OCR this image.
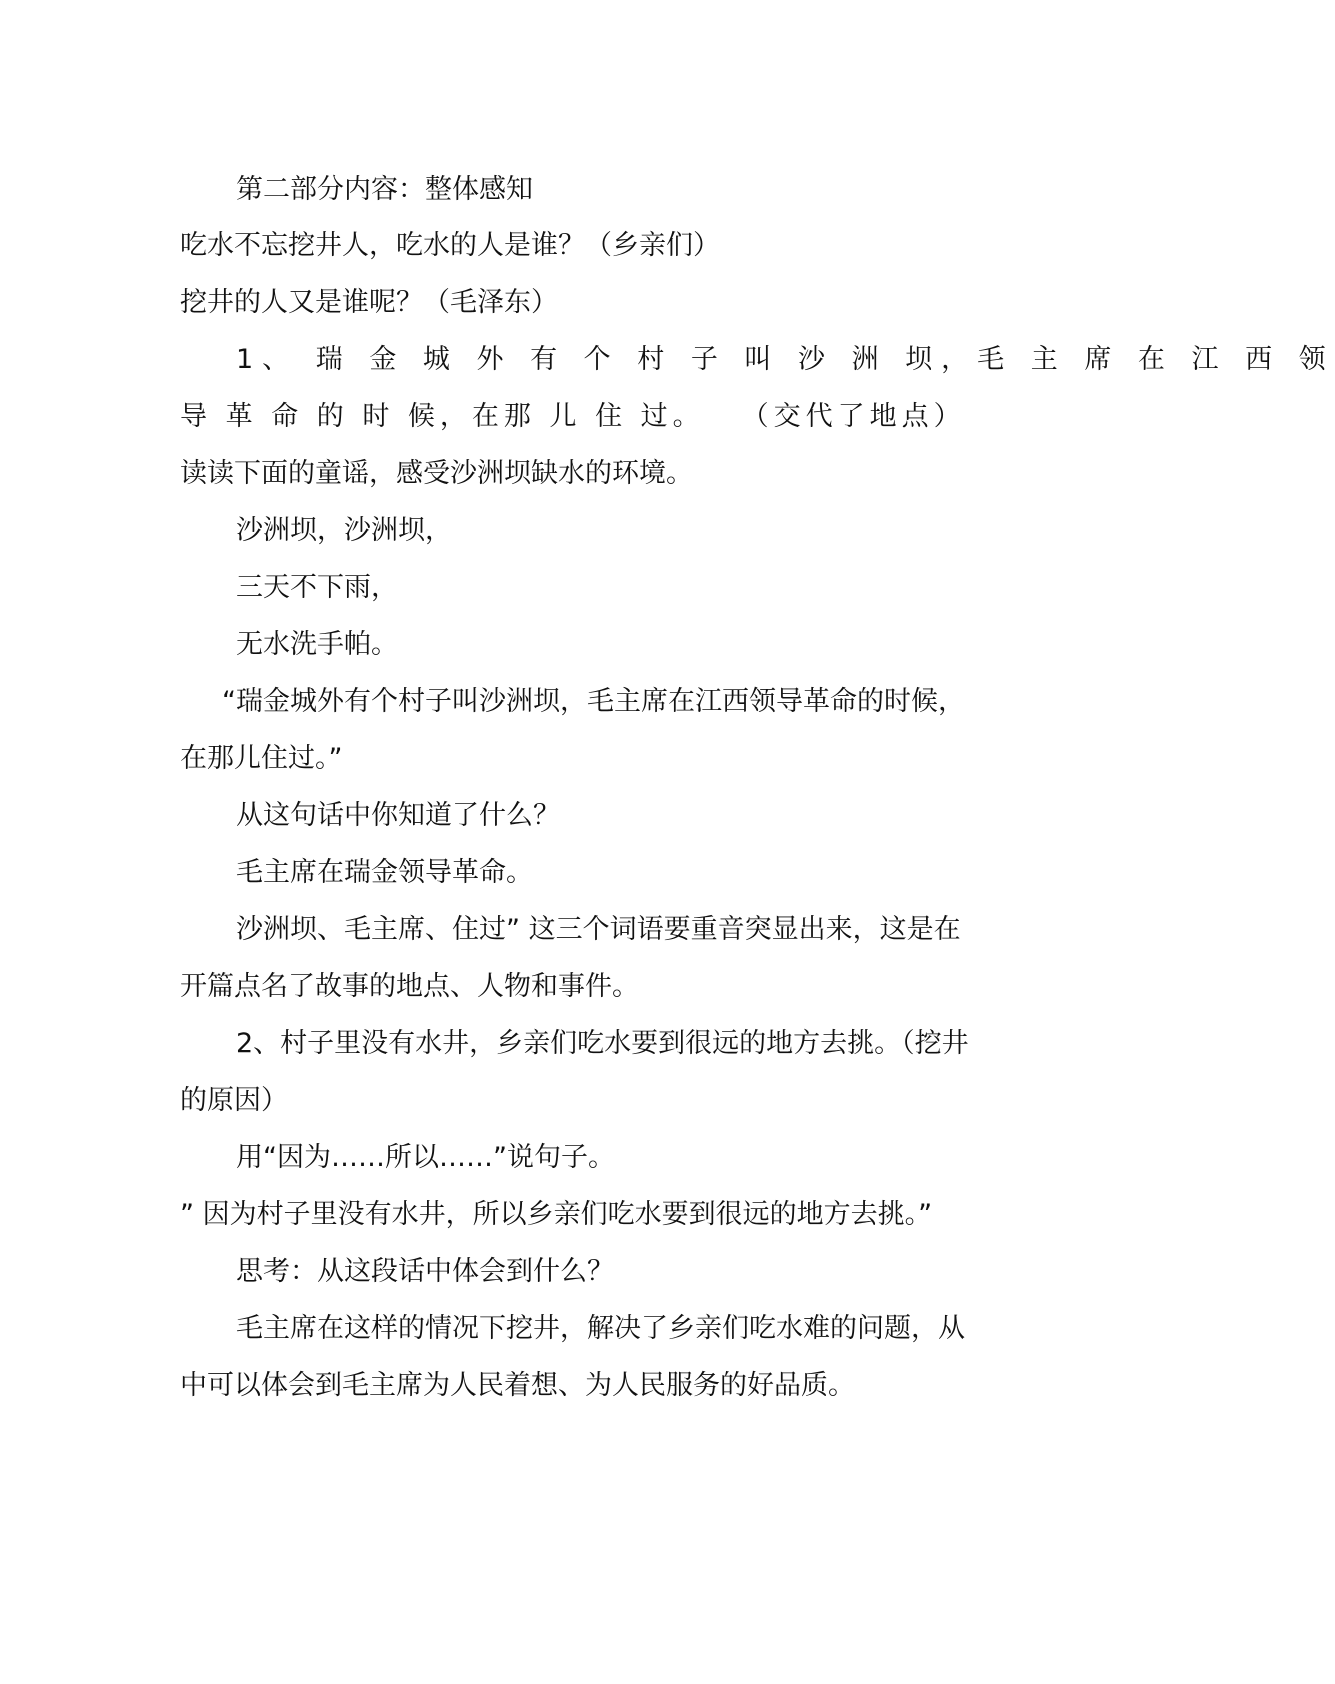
第二部分内容：整体感知
吃水不忘挖井人，吃水的人是谁？（乡亲们）
挖井的人又是谁呢？（毛泽东）
1、 瑞 金 城 外 有 个 村 子 叫 沙 洲 坝，毛 主 席 在 江 西 领
导 革 命 的 时 候，在那 儿 住 过。　　（交代了地点）
读读下面的童谣，感受沙洲坝缺水的环境。
沙洲坝，沙洲坝，
三天不下雨，
无水洗手帕。
“瑞金城外有个村子叫沙洲坝，毛主席在江西领导革命的时候，
在那儿住过。”
从这句话中你知道了什么？
毛主席在瑞金领导革命。
沙洲坝、毛主席、住过” 这三个词语要重音突显出来，这是在
开篇点名了故事的地点、人物和事件。
2、村子里没有水井，乡亲们吃水要到很远的地方去挑。（挖井
的原因）
用“因为……所以……”说句子。
” 因为村子里没有水井，所以乡亲们吃水要到很远的地方去挑。”
思考：从这段话中体会到什么？
毛主席在这样的情况下挖井，解决了乡亲们吃水难的问题，从
中可以体会到毛主席为人民着想、为人民服务的好品质。
